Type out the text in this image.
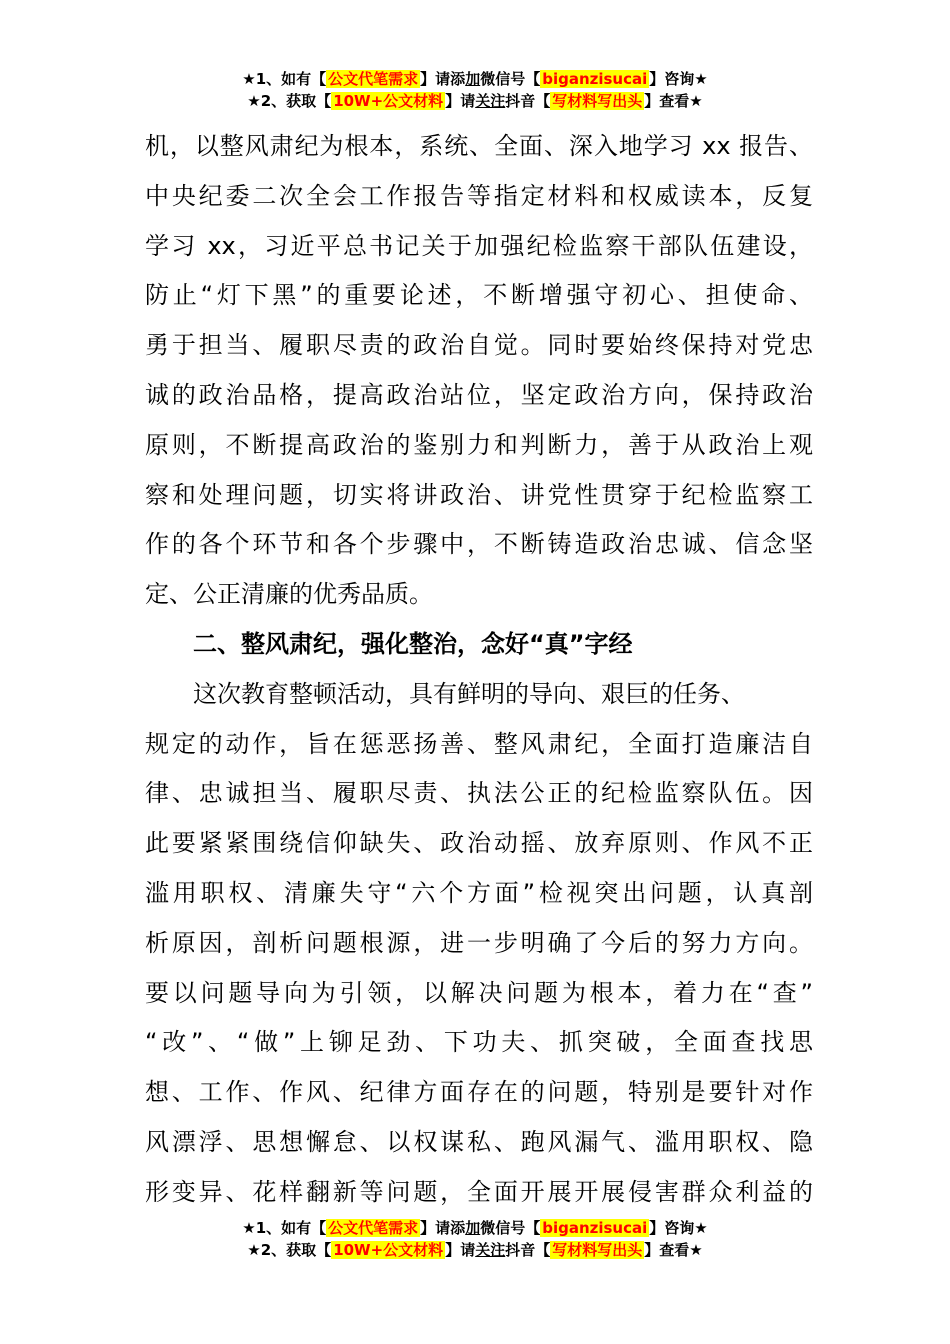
★1、如有【 公文代笔需求 】请添加微信号【 biganzisucai 】咨询★
★2、获取【 10W+公文材料 】请关注抖音【 写材料写出头 】查看★
机，以整风肃纪为根本，系统、全面、深入地学习 xx 报告、
中央纪委二次全会工作报告等指定材料和权威读本，反复
学习 xx，习近平总书记关于加强纪检监察干部队伍建设，
防止“灯下黑”的重要论述，不断增强守初心、担使命、
勇于担当、履职尽责的政治自觉。同时要始终保持对党忠
诚的政治品格，提高政治站位，坚定政治方向，保持政治
原则，不断提高政治的鉴别力和判断力，善于从政治上观
察和处理问题，切实将讲政治、讲党性贯穿于纪检监察工
作的各个环节和各个步骤中，不断铸造政治忠诚、信念坚
定、公正清廉的优秀品质。
二、整风肃纪，强化整治，念好“真”字经
这次教育整顿活动，具有鲜明的导向、艰巨的任务、
规定的动作，旨在惩恶扬善、整风肃纪，全面打造廉洁自
律、忠诚担当、履职尽责、执法公正的纪检监察队伍。因
此要紧紧围绕信仰缺失、政治动摇、放弃原则、作风不正
滥用职权、清廉失守“六个方面”检视突出问题，认真剖
析原因，剖析问题根源，进一步明确了今后的努力方向。
要以问题导向为引领，以解决问题为根本，着力在“查”
“改”、“做”上铆足劲、下功夫、抓突破，全面查找思
想、工作、作风、纪律方面存在的问题，特别是要针对作
风漂浮、思想懈怠、以权谋私、跑风漏气、滥用职权、隐
形变异、花样翻新等问题，全面开展开展侵害群众利益的
★1、如有【 公文代笔需求 】请添加微信号【 biganzisucai 】咨询★
★2、获取【 10W+公文材料 】请关注抖音【 写材料写出头 】查看★
